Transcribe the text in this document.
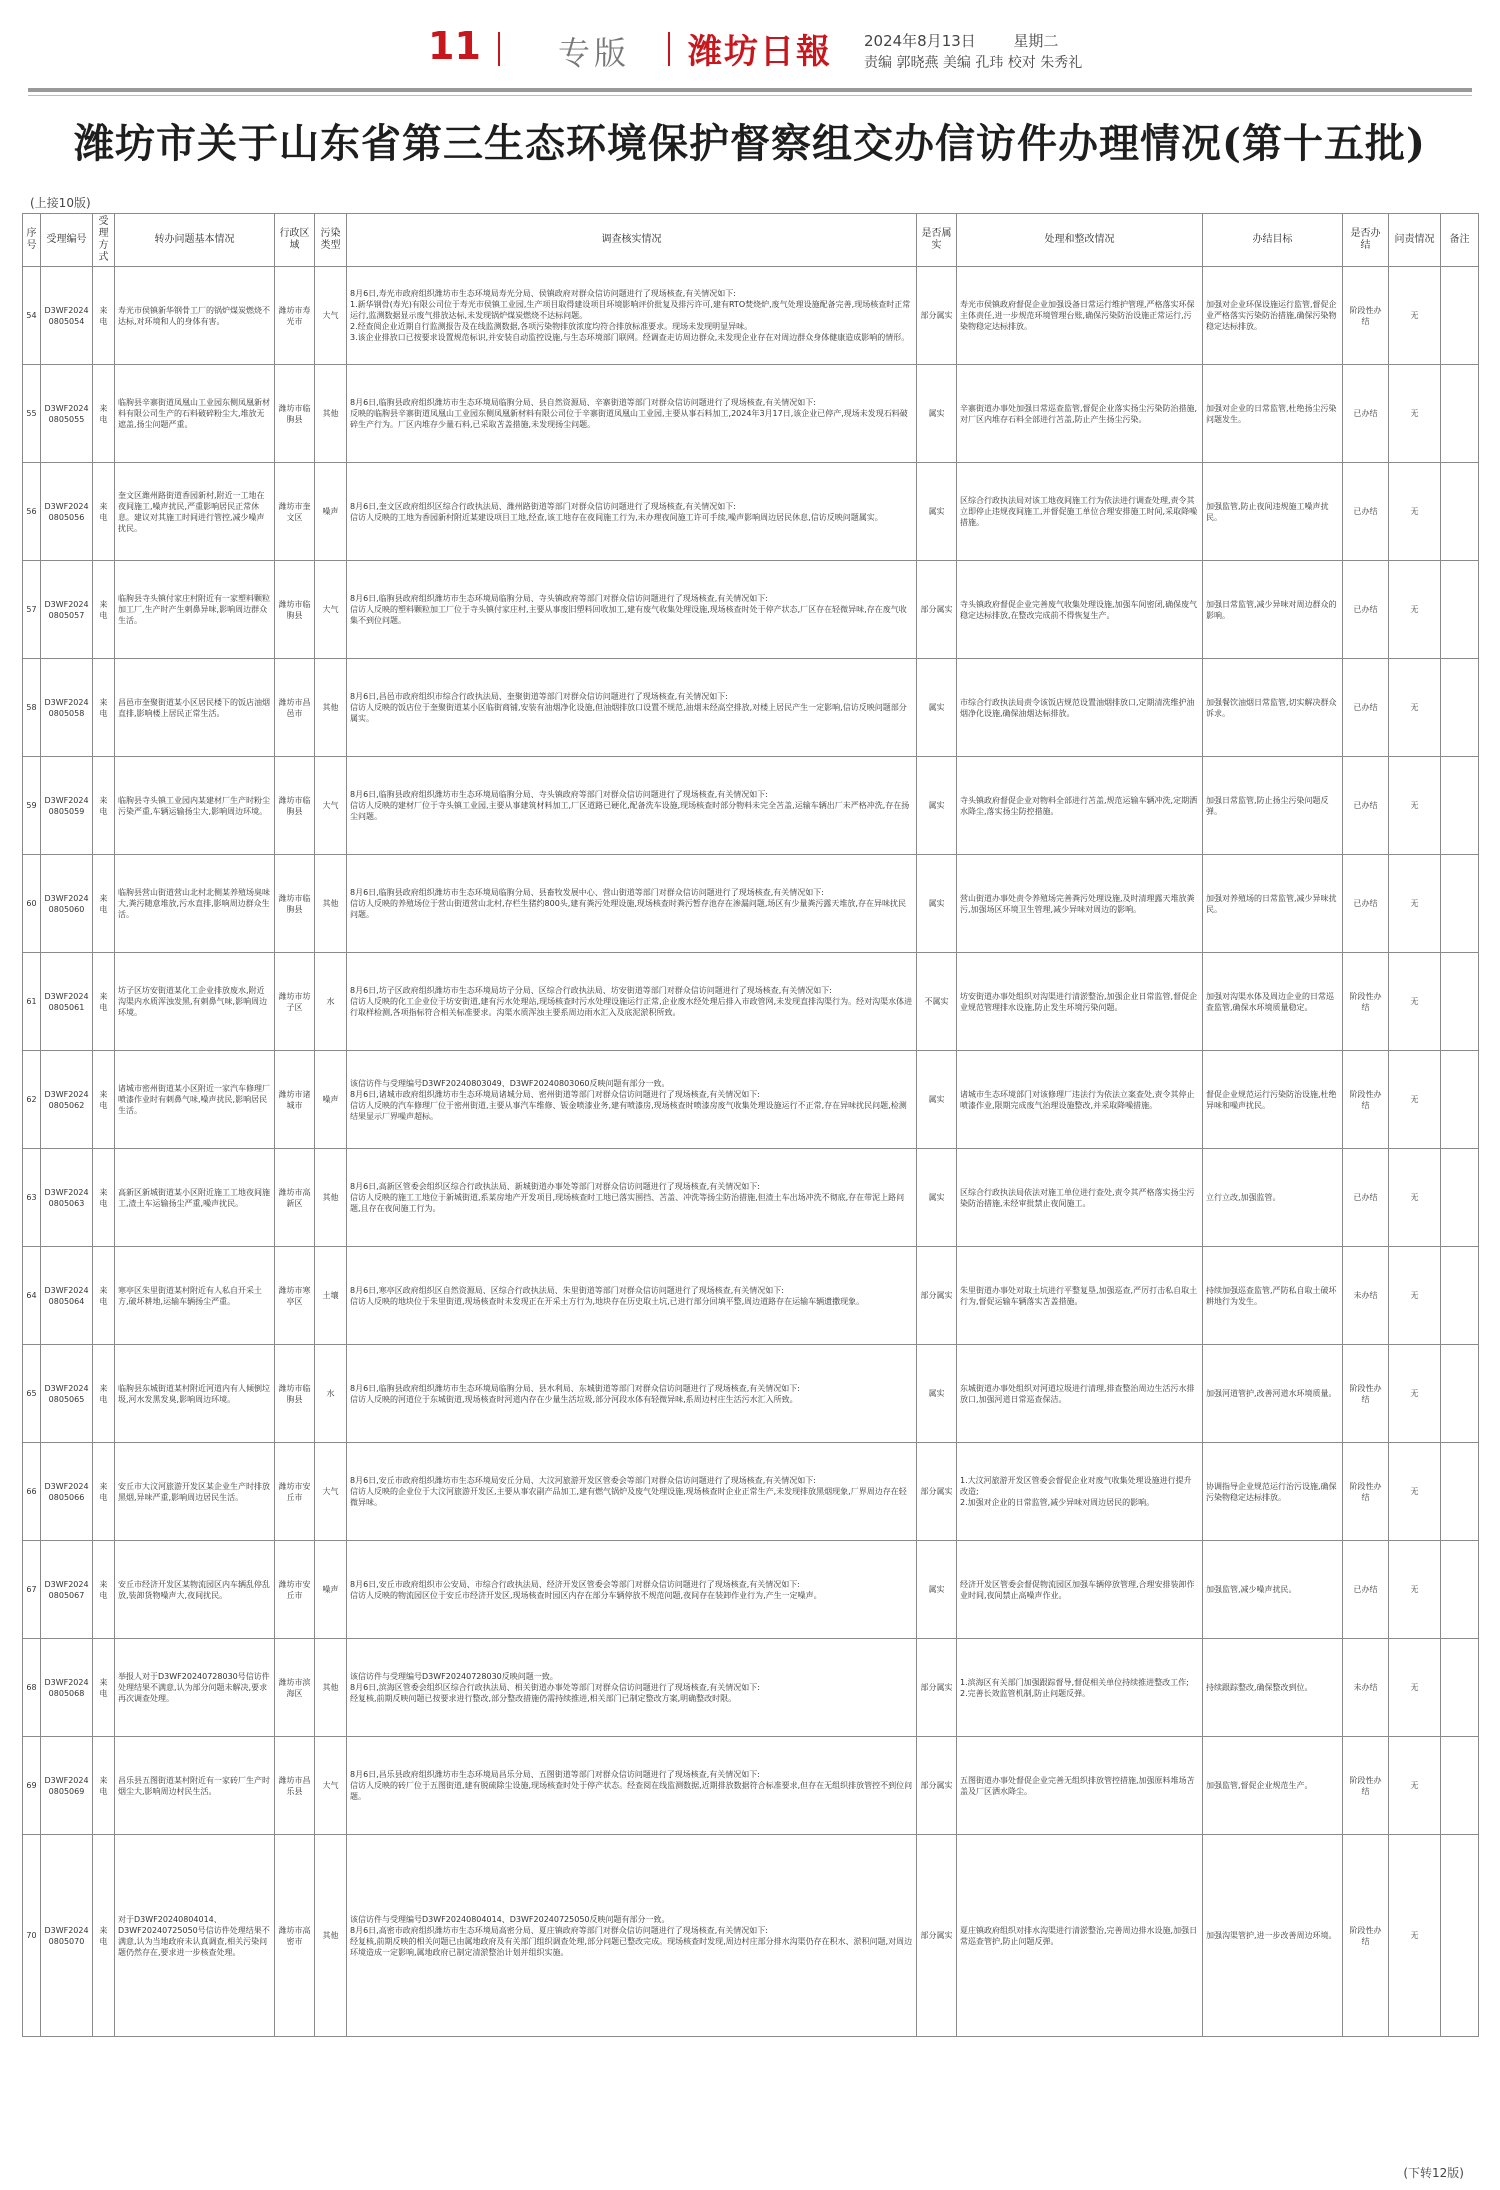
11 专版 潍坊日報 2024年8月13日	星期二
责编 郭晓燕 美编 孔玮 校对 朱秀礼
潍坊市关于山东省第三生态环境保护督察组交办信访件办理情况(第十五批)
(上接10版)
序号	受理编号	受理方式	转办问题基本情况	行政区域	污染类型	调查核实情况	是否属实	处理和整改情况	办结目标	是否办结	问责情况	备注
54	D3WF2024 0805054	来电	寿光市侯镇新华钢骨工厂的锅炉煤炭燃烧不达标,对环境和人的身体有害。	潍坊市寿光市	大气	8月6日,寿光市政府组织潍坊市生态环境局寿光分局、侯镇政府对群众信访问题进行了现场核查,有关情况如下:
1.新华钢骨(寿光)有限公司位于寿光市侯镇工业园,生产项目取得建设项目环境影响评价批复及排污许可,建有RTO焚烧炉,废气处理设施配备完善,现场核查时正常运行,监测数据显示废气排放达标,未发现锅炉煤炭燃烧不达标问题。
2.经查阅企业近期自行监测报告及在线监测数据,各项污染物排放浓度均符合排放标准要求。现场未发现明显异味。
3.该企业排放口已按要求设置规范标识,并安装自动监控设施,与生态环境部门联网。经调查走访周边群众,未发现企业存在对周边群众身体健康造成影响的情形。	部分属实	寿光市侯镇政府督促企业加强设备日常运行维护管理,严格落实环保主体责任,进一步规范环境管理台账,确保污染防治设施正常运行,污染物稳定达标排放。	加强对企业环保设施运行监管,督促企业严格落实污染防治措施,确保污染物稳定达标排放。	阶段性办结	无	
55	D3WF2024 0805055	来电	临朐县辛寨街道凤凰山工业园东侧凤凰新材料有限公司生产的石料破碎粉尘大,堆放无遮盖,扬尘问题严重。	潍坊市临朐县	其他	8月6日,临朐县政府组织潍坊市生态环境局临朐分局、县自然资源局、辛寨街道等部门对群众信访问题进行了现场核查,有关情况如下:
反映的临朐县辛寨街道凤凰山工业园东侧凤凰新材料有限公司位于辛寨街道凤凰山工业园,主要从事石料加工,2024年3月17日,该企业已停产,现场未发现石料破碎生产行为。厂区内堆存少量石料,已采取苫盖措施,未发现扬尘问题。	属实	辛寨街道办事处加强日常巡查监管,督促企业落实扬尘污染防治措施,对厂区内堆存石料全部进行苫盖,防止产生扬尘污染。	加强对企业的日常监管,杜绝扬尘污染问题发生。	已办结	无	
56	D3WF2024 0805056	来电	奎文区潍州路街道香园新村,附近一工地在夜间施工,噪声扰民,严重影响居民正常休息。建议对其施工时间进行管控,减少噪声扰民。	潍坊市奎文区	噪声	8月6日,奎文区政府组织区综合行政执法局、潍州路街道等部门对群众信访问题进行了现场核查,有关情况如下:
信访人反映的工地为香园新村附近某建设项目工地,经查,该工地存在夜间施工行为,未办理夜间施工许可手续,噪声影响周边居民休息,信访反映问题属实。	属实	区综合行政执法局对该工地夜间施工行为依法进行调查处理,责令其立即停止违规夜间施工,并督促施工单位合理安排施工时间,采取降噪措施。	加强监管,防止夜间违规施工噪声扰民。	已办结	无	
57	D3WF2024 0805057	来电	临朐县寺头镇付家庄村附近有一家塑料颗粒加工厂,生产时产生刺鼻异味,影响周边群众生活。	潍坊市临朐县	大气	8月6日,临朐县政府组织潍坊市生态环境局临朐分局、寺头镇政府等部门对群众信访问题进行了现场核查,有关情况如下:
信访人反映的塑料颗粒加工厂位于寺头镇付家庄村,主要从事废旧塑料回收加工,建有废气收集处理设施,现场核查时处于停产状态,厂区存在轻微异味,存在废气收集不到位问题。	部分属实	寺头镇政府督促企业完善废气收集处理设施,加强车间密闭,确保废气稳定达标排放,在整改完成前不得恢复生产。	加强日常监管,减少异味对周边群众的影响。	已办结	无	
58	D3WF2024 0805058	来电	昌邑市奎聚街道某小区居民楼下的饭店油烟直排,影响楼上居民正常生活。	潍坊市昌邑市	其他	8月6日,昌邑市政府组织市综合行政执法局、奎聚街道等部门对群众信访问题进行了现场核查,有关情况如下:
信访人反映的饭店位于奎聚街道某小区临街商铺,安装有油烟净化设施,但油烟排放口设置不规范,油烟未经高空排放,对楼上居民产生一定影响,信访反映问题部分属实。	属实	市综合行政执法局责令该饭店规范设置油烟排放口,定期清洗维护油烟净化设施,确保油烟达标排放。	加强餐饮油烟日常监管,切实解决群众诉求。	已办结	无	
59	D3WF2024 0805059	来电	临朐县寺头镇工业园内某建材厂生产时粉尘污染严重,车辆运输扬尘大,影响周边环境。	潍坊市临朐县	大气	8月6日,临朐县政府组织潍坊市生态环境局临朐分局、寺头镇政府等部门对群众信访问题进行了现场核查,有关情况如下:
信访人反映的建材厂位于寺头镇工业园,主要从事建筑材料加工,厂区道路已硬化,配备洗车设施,现场核查时部分物料未完全苫盖,运输车辆出厂未严格冲洗,存在扬尘问题。	属实	寺头镇政府督促企业对物料全部进行苫盖,规范运输车辆冲洗,定期洒水降尘,落实扬尘防控措施。	加强日常监管,防止扬尘污染问题反弹。	已办结	无	
60	D3WF2024 0805060	来电	临朐县营山街道营山北村北侧某养殖场臭味大,粪污随意堆放,污水直排,影响周边群众生活。	潍坊市临朐县	其他	8月6日,临朐县政府组织潍坊市生态环境局临朐分局、县畜牧发展中心、营山街道等部门对群众信访问题进行了现场核查,有关情况如下:
信访人反映的养殖场位于营山街道营山北村,存栏生猪约800头,建有粪污处理设施,现场核查时粪污暂存池存在渗漏问题,场区有少量粪污露天堆放,存在异味扰民问题。	属实	营山街道办事处责令养殖场完善粪污处理设施,及时清理露天堆放粪污,加强场区环境卫生管理,减少异味对周边的影响。	加强对养殖场的日常监管,减少异味扰民。	已办结	无	
61	D3WF2024 0805061	来电	坊子区坊安街道某化工企业排放废水,附近沟渠内水质浑浊发黑,有刺鼻气味,影响周边环境。	潍坊市坊子区	水	8月6日,坊子区政府组织潍坊市生态环境局坊子分局、区综合行政执法局、坊安街道等部门对群众信访问题进行了现场核查,有关情况如下:
信访人反映的化工企业位于坊安街道,建有污水处理站,现场核查时污水处理设施运行正常,企业废水经处理后排入市政管网,未发现直排沟渠行为。经对沟渠水体进行取样检测,各项指标符合相关标准要求。沟渠水质浑浊主要系周边雨水汇入及底泥淤积所致。	不属实	坊安街道办事处组织对沟渠进行清淤整治,加强企业日常监管,督促企业规范管理排水设施,防止发生环境污染问题。	加强对沟渠水体及周边企业的日常巡查监管,确保水环境质量稳定。	阶段性办结	无	
62	D3WF2024 0805062	来电	诸城市密州街道某小区附近一家汽车修理厂喷漆作业时有刺鼻气味,噪声扰民,影响居民生活。	潍坊市诸城市	噪声	该信访件与受理编号D3WF20240803049、D3WF20240803060反映问题有部分一致。
8月6日,诸城市政府组织潍坊市生态环境局诸城分局、密州街道等部门对群众信访问题进行了现场核查,有关情况如下:
信访人反映的汽车修理厂位于密州街道,主要从事汽车维修、钣金喷漆业务,建有喷漆房,现场核查时喷漆房废气收集处理设施运行不正常,存在异味扰民问题,检测结果显示厂界噪声超标。	属实	诸城市生态环境部门对该修理厂违法行为依法立案查处,责令其停止喷漆作业,限期完成废气治理设施整改,并采取降噪措施。	督促企业规范运行污染防治设施,杜绝异味和噪声扰民。	阶段性办结	无	
63	D3WF2024 0805063	来电	高新区新城街道某小区附近施工工地夜间施工,渣土车运输扬尘严重,噪声扰民。	潍坊市高新区	其他	8月6日,高新区管委会组织区综合行政执法局、新城街道办事处等部门对群众信访问题进行了现场核查,有关情况如下:
信访人反映的施工工地位于新城街道,系某房地产开发项目,现场核查时工地已落实围挡、苫盖、冲洗等扬尘防治措施,但渣土车出场冲洗不彻底,存在带泥上路问题,且存在夜间施工行为。	属实	区综合行政执法局依法对施工单位进行查处,责令其严格落实扬尘污染防治措施,未经审批禁止夜间施工。	立行立改,加强监管。	已办结	无	
64	D3WF2024 0805064	来电	寒亭区朱里街道某村附近有人私自开采土方,破坏耕地,运输车辆扬尘严重。	潍坊市寒亭区	土壤	8月6日,寒亭区政府组织区自然资源局、区综合行政执法局、朱里街道等部门对群众信访问题进行了现场核查,有关情况如下:
信访人反映的地块位于朱里街道,现场核查时未发现正在开采土方行为,地块存在历史取土坑,已进行部分回填平整,周边道路存在运输车辆遗撒现象。	部分属实	朱里街道办事处对取土坑进行平整复垦,加强巡查,严厉打击私自取土行为,督促运输车辆落实苫盖措施。	持续加强巡查监管,严防私自取土破坏耕地行为发生。	未办结	无	
65	D3WF2024 0805065	来电	临朐县东城街道某村附近河道内有人倾倒垃圾,河水发黑发臭,影响周边环境。	潍坊市临朐县	水	8月6日,临朐县政府组织潍坊市生态环境局临朐分局、县水利局、东城街道等部门对群众信访问题进行了现场核查,有关情况如下:
信访人反映的河道位于东城街道,现场核查时河道内存在少量生活垃圾,部分河段水体有轻微异味,系周边村庄生活污水汇入所致。	属实	东城街道办事处组织对河道垃圾进行清理,排查整治周边生活污水排放口,加强河道日常巡查保洁。	加强河道管护,改善河道水环境质量。	阶段性办结	无	
66	D3WF2024 0805066	来电	安丘市大汶河旅游开发区某企业生产时排放黑烟,异味严重,影响周边居民生活。	潍坊市安丘市	大气	8月6日,安丘市政府组织潍坊市生态环境局安丘分局、大汶河旅游开发区管委会等部门对群众信访问题进行了现场核查,有关情况如下:
信访人反映的企业位于大汶河旅游开发区,主要从事农副产品加工,建有燃气锅炉及废气处理设施,现场核查时企业正常生产,未发现排放黑烟现象,厂界周边存在轻微异味。	部分属实	1.大汶河旅游开发区管委会督促企业对废气收集处理设施进行提升改造;
2.加强对企业的日常监管,减少异味对周边居民的影响。	协调指导企业规范运行治污设施,确保污染物稳定达标排放。	阶段性办结	无	
67	D3WF2024 0805067	来电	安丘市经济开发区某物流园区内车辆乱停乱放,装卸货物噪声大,夜间扰民。	潍坊市安丘市	噪声	8月6日,安丘市政府组织市公安局、市综合行政执法局、经济开发区管委会等部门对群众信访问题进行了现场核查,有关情况如下:
信访人反映的物流园区位于安丘市经济开发区,现场核查时园区内存在部分车辆停放不规范问题,夜间存在装卸作业行为,产生一定噪声。	属实	经济开发区管委会督促物流园区加强车辆停放管理,合理安排装卸作业时间,夜间禁止高噪声作业。	加强监管,减少噪声扰民。	已办结	无	
68	D3WF2024 0805068	来电	举报人对于D3WF20240728030号信访件处理结果不满意,认为部分问题未解决,要求再次调查处理。	潍坊市滨海区	其他	该信访件与受理编号D3WF20240728030反映问题一致。
8月6日,滨海区管委会组织区综合行政执法局、相关街道办事处等部门对群众信访问题进行了现场核查,有关情况如下:
经复核,前期反映问题已按要求进行整改,部分整改措施仍需持续推进,相关部门已制定整改方案,明确整改时限。	部分属实	1.滨海区有关部门加强跟踪督导,督促相关单位持续推进整改工作;
2.完善长效监管机制,防止问题反弹。	持续跟踪整改,确保整改到位。	未办结	无	
69	D3WF2024 0805069	来电	昌乐县五图街道某村附近有一家砖厂生产时烟尘大,影响周边村民生活。	潍坊市昌乐县	大气	8月6日,昌乐县政府组织潍坊市生态环境局昌乐分局、五图街道等部门对群众信访问题进行了现场核查,有关情况如下:
信访人反映的砖厂位于五图街道,建有脱硫除尘设施,现场核查时处于停产状态。经查阅在线监测数据,近期排放数据符合标准要求,但存在无组织排放管控不到位问题。	部分属实	五图街道办事处督促企业完善无组织排放管控措施,加强原料堆场苫盖及厂区洒水降尘。	加强监管,督促企业规范生产。	阶段性办结	无	
70	D3WF2024 0805070	来电	对于D3WF20240804014、D3WF20240725050号信访件处理结果不满意,认为当地政府未认真调查,相关污染问题仍然存在,要求进一步核查处理。	潍坊市高密市	其他	该信访件与受理编号D3WF20240804014、D3WF20240725050反映问题有部分一致。
8月6日,高密市政府组织潍坊市生态环境局高密分局、夏庄镇政府等部门对群众信访问题进行了现场核查,有关情况如下:
经复核,前期反映的相关问题已由属地政府及有关部门组织调查处理,部分问题已整改完成。现场核查时发现,周边村庄部分排水沟渠仍存在积水、淤积问题,对周边环境造成一定影响,属地政府已制定清淤整治计划并组织实施。	部分属实	夏庄镇政府组织对排水沟渠进行清淤整治,完善周边排水设施,加强日常巡查管护,防止问题反弹。	加强沟渠管护,进一步改善周边环境。	阶段性办结	无	
(下转12版)
